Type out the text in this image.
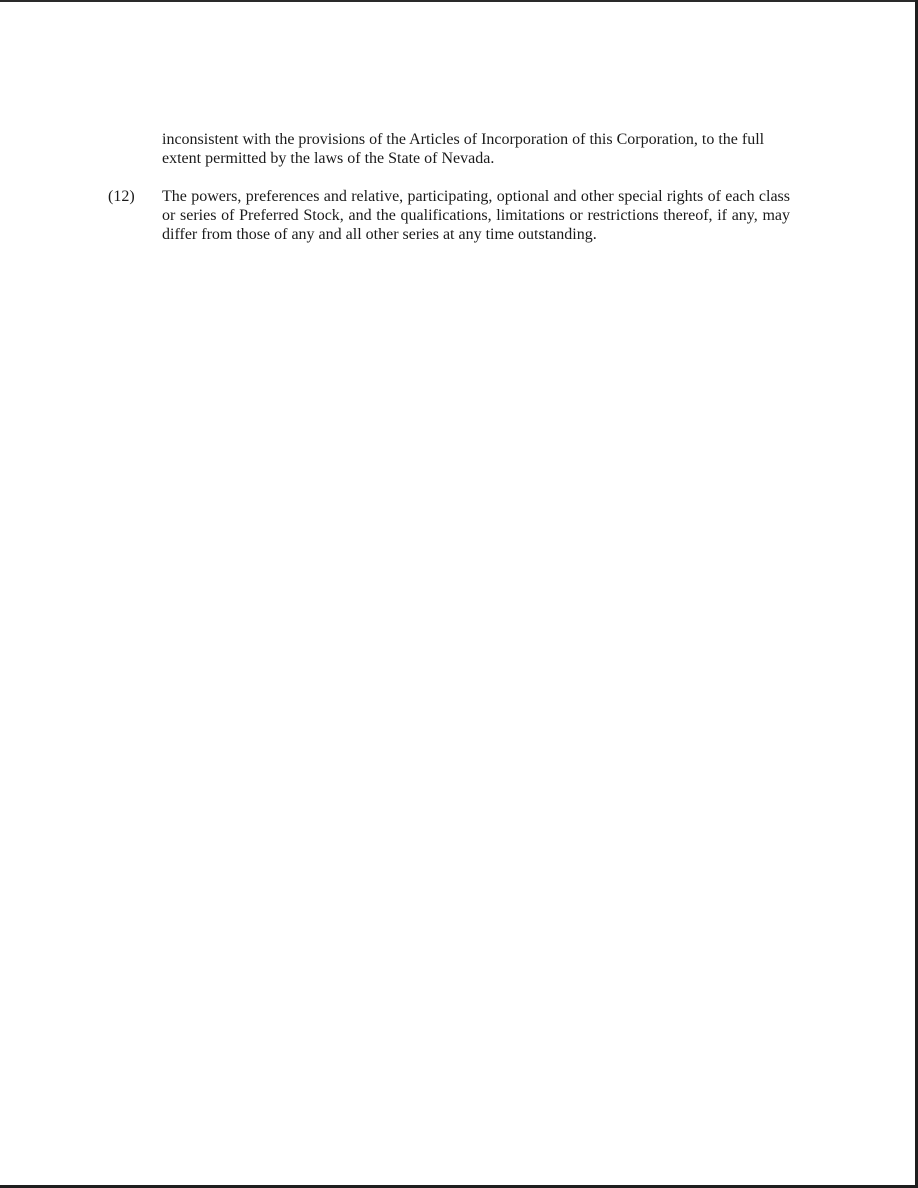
inconsistent with the provisions of the Articles of Incorporation of this Corporation, to the full extent permitted by the laws of the State of Nevada.

(12)	The powers, preferences and relative, participating, optional and other special rights of each class or series of Preferred Stock, and the qualifications, limitations or restrictions thereof, if any, may differ from those of any and all other series at any time outstanding.
